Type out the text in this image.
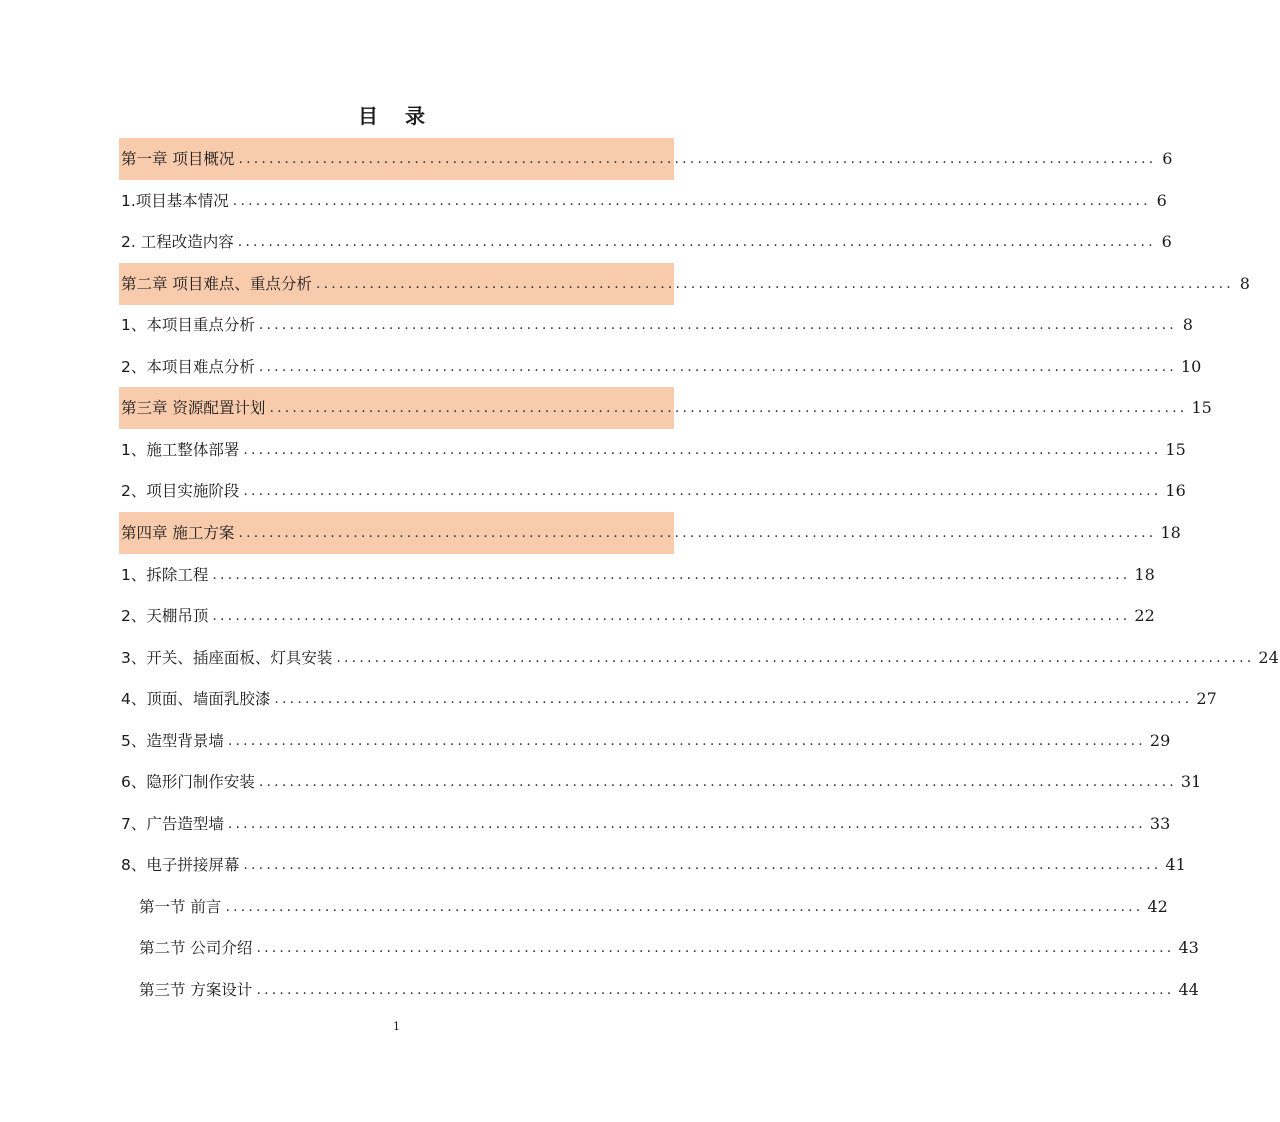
目 录
第一章 项目概况 ........................................................................................................................ 6
1.项目基本情况 ........................................................................................................................ 6
2. 工程改造内容 ........................................................................................................................ 6
第二章 项目难点、重点分析 ........................................................................................................................ 8
1、本项目重点分析 ........................................................................................................................ 8
2、本项目难点分析 ........................................................................................................................ 10
第三章 资源配置计划 ........................................................................................................................ 15
1、施工整体部署 ........................................................................................................................ 15
2、项目实施阶段 ........................................................................................................................ 16
第四章 施工方案 ........................................................................................................................ 18
1、拆除工程 ........................................................................................................................ 18
2、天棚吊顶 ........................................................................................................................ 22
3、开关、插座面板、灯具安装 ........................................................................................................................ 24
4、顶面、墙面乳胶漆 ........................................................................................................................ 27
5、造型背景墙 ........................................................................................................................ 29
6、隐形门制作安装 ........................................................................................................................ 31
7、广告造型墙 ........................................................................................................................ 33
8、电子拼接屏幕 ........................................................................................................................ 41
第一节 前言 ........................................................................................................................ 42
第二节 公司介绍 ........................................................................................................................ 43
第三节 方案设计 ........................................................................................................................ 44
1
